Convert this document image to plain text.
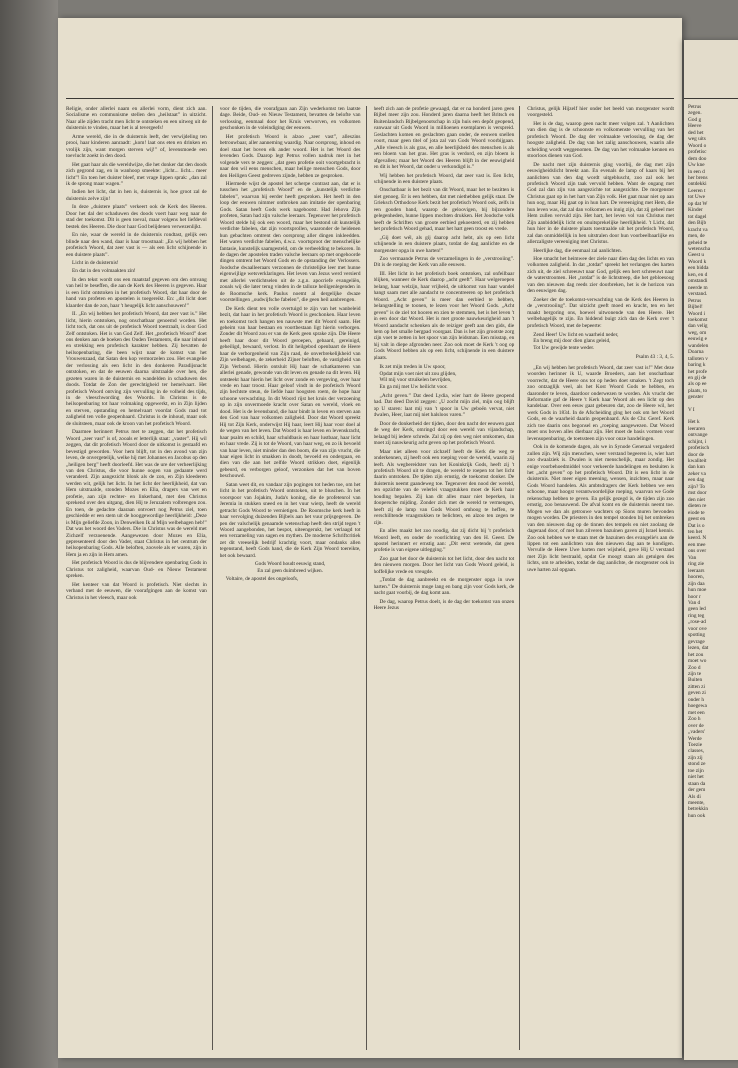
Religie, onder allerlei naam en allerlei vorm, dient zich aan. Socialisme en communisme stellen den „heilstaat” in uitzicht. Naar alle zijden tracht men licht te ontsteken en een uitweg uit de duisternis te vinden, maar het is al tevergeefs!

Arme wereld, die in de duisternis leeft, der verwijdeling ten prooi, haar kinderen aanraadt: „kom! laat ons eten en drinken en vrolijk zijn, want morgen sterven wij!” of, levensmoede een toevlucht zoekt in den dood.

Het gaat haar als die wereldwijze, die het donker dat den doods zich gegrond zag, en in wanhoop smeekte: „licht... licht... meer licht”! En toen het duister bleef, met vrage lippen sprak: „dan zal ik de sprong maar wagen.”

Indien het licht, dat in hen is, duisternis is, hoe groot zal de duisternis zelve zijn!

In deze „duistere plaats” verkeert ook de Kerk des Heeren. Door het dal der schaduwen des doods voert haar weg naar de stad der toekomst. Dit is geen toeval, maar volgens het liefdevol bestek des Heeren. Die door haar God belijdenen verwezenlijkt.

En nie, waar de wereld in de duisternis rondtast, gelijk een blinde naar den wand, daar is haar troostnaal: „En wij hebben het profetisch Woord, dat zeer vast is — als een licht schijnende in een duistere plaats”.

Licht in de duisternis!

En dat in den volmaakten zin!

In den tekst wordt ons een maatstaf gegeven om den omvang van heil te beseffen, die aan de Kerk des Heeren is gegeven. Haar is een licht ontstoken in het profetisch Woord, dat haar door de hand van profeten en apostelen is toegereikt. En: „dit licht doet klaarder dan de zon, haar 't heugelijk licht aanschouwen!”

II. „En wij hebben het profetisch Woord, dat zeer vast is.” Het licht, hierin ontstoken, nog onschatbaar genoemd worden. Het licht toch, dat ons uit de profetisch Woord toestraalt, is door God Zelf ontstoken. Het is van God Zelf. Het „profetisch Woord” doet ons denken aan de boeken des Ouden Testaments, die naar inhoud en strekking een profetisch karakter hebben. Zij bevatten de heilsopenbaring, die been wijst naar de komst van het Vrouwenzaad, dat Satan den kop vermorzelen zou. Het evangelie der verlossing als een licht in den donkeren Paradijsnacht ontstoken, en dat de eeuwen daarna uitstraalde over hen, die gezeten waren in de duisternis en wandelden in schaduwen des doods. Totdat de Zon der gerechtigheid ter hemelvaart. Het profetisch Woord ontving zijn vervulling in de volheid des tijds, in de vleeschwording des Woords. In Christus is de heilsopenbaring tot haar volmaking opgewerkt, en in Zijn lijden en sterven, opstanding en hemelvaart voordat Gods raad tot zaligheid ten volle geopenbaard. Christus is de inhoud, maar ook de sluitsteen, maar ook de kroon van het profetisch Woord.

Daarmee herinnert Petrus met te zeggen, dat het profetisch Woord „zeer vast” is of, zooals er letterlijk staat: „vaster”. Hij wil zeggen, dat dit profetisch Woord door de uitkomst is gestaafd en bevestigd geworden. Voor hem blijft, tot in den avond van zijn leven, de onvergetelijk, welke hij met Johannes en Jacobus op den „heiligen berg” heeft doorleefd. Het was de ure der verheerlijking van den Christus, die voor hunne oogen van gedaante werd veranderd. Zijn aangezicht blonk als de zon, en Zijn kleederen werden wit, gelijk het licht. In het licht der heerlijkheid, dat van Hem uitstraalde, stonden Mozes en Elia, dragers van wet en profetie, aan zijn rechter- en linkerhand, met den Christus sprekend over den uitgang, dien Hij te Jeruzalem volbrengen zou. En toen, de gedachte daaraan ontvoert nog Petrus ziel, toen geschiedde er een stem uit de hooggewordige heerlijkheid: „Deze is Mijn geliefde Zoon, in Denwelken Ik al Mijn welbehagen heb!” Dat was het woord des Vaders. Die in Christus was de wereld met Zichzelf verzoenende. Aangewezen door Mozes en Elia, gepresenteerd door den Vader, staat Christus in het centrum der heilsopenbaring Gods. Alle beloften, zoovele als er waren, zijn in Hem ja en zijn in Hem amen.

Het profetisch Woord is dus de blijvendere openbaring Gods in Christus tot zaligheid, waarvan Oud- en Nieuw Testament spreken.

Het kenteer van dat Woord is profetisch. Niet slechts in verband met de eeuwen, die voorafgingen aan de komst van Christus in het vleesch, maar ook

voor de tijden, die voorafgaan aan Zijn wederkomst ten laatste dage. Beide, Oud- en Nieuw Testament, bevatten de belofte van verlossing, eenmaal door het Kruis verworven, en volkomen geschonken in de voleindiging der eeuwen.

Het profetisch Woord is alzoo „zeer vast”, alleszins betrouwbaar, aller aanneming waardig. Naar oorsprong, inhoud en doel staat het boven elk ander woord. Het is het Woord des levenden Gods. Daarop legt Petrus vollen nadruk met in het volgende vers te zeggen: „dat geen profetie ooit voortgebracht is naar den wil eens menschen, maar heilige menschen Gods, door den Heiligen Geest gedreven zijnde, hebben ze gesproken.

Hiermede wijst de apostel het scherpe contrast aan, dat er is tusschen het „profetisch Woord” en de „kunstelijk verdichte fabelen”, waarvan hij eerder heeft gesproken. Het heeft in den loop der eeuwen nimmer ontbroken aan imitatie der openbaring Gods. Satan heeft Gods werk nagebootst. Had Jehova Zijn profeten, Satan had zijn valsche leeraars. Tegenover het profetisch Woord stelde hij ook een woord, maar het bestond uit kunstelijk verdichte fabelen, dat zijn voortsprollen, waaronder de heidenen hun gebachten omtrent den oorsprong aller dingen inkleedden. Het waren verdichte fabelen, d.w.z. voortsproot der menschelijke fantasie, kunstelijk saamgesteld, om de verbeelding te bekoren. In de dagen der apostelen traden valsche leeraars op met ongehoorde dingen omtrent het Woord Gods en de opstanding der Verlossers. Joodsche dwaalleeraars verzonnen de christelijke leer met hunne eigenwijlige wetsverklaringen. Het leven van Jezus werd versierd met allerlei verdichtselen uit de z.g.n. apocriefe evangeliën, zooals wij die later terug vinden in de talloze heiligenlegenden in de Roomsche kerk. Paulus noemt al dergelijke dwaze voorstellingen „oudwijfsche fabelen”, die geen heil aanbrengen.

De Kerk dient ten volle overtuigd te zijn van het wanbeleid bezit, dat haar in het profetisch Woord is geschonken. Haar leven en toekomst toch hangen ten nauwste met dit Woord saam. Het geheim van haar bestaan en voortbestaan ligt hierin verborgen. Zonder dit Woord zou er van de Kerk geen sprake zijn. Die Heere heeft haar door dit Woord geroepen, gebaard, gereinigd, geheiligd, bewaard, verlost. In dit heilgebod openbaart de Heere haar de verborgenheid van Zijn raad, de onverbrekelijkheid van Zijn welbehagen, de zekerheid Zijner beloften, de vastigheid van Zijn Verbond. Hierin ontsluit Hij haar de schatkameren van allerlei genade, gewonde van dit leven en genade na dit leven. Hij ontsteekt haar hierin het licht over zonde en vergeving, over haar vrede en haar troost. Haar geloof vindt in de profetisch Woord zijn hechtste steun, de liefde haar hoogsten roem, de hope haar schoone verwachting. In dit Woord rijst het kruis der verzoening op in zijn onvermoede kracht over Satan en wereld, vloek en dood. Het is de levensband, die haar bindt in leven en sterven aan den God van haar volkomen zaligheid. Door dat Woord spreekt Hij tot Zijn Kerk, onderwijst Hij haar, leert Hij haar voor doel al de wegen van het leven. Dat Woord is haar leven en levenskracht, haar psalm en schild, haar schuldbasis en haar lustbaar, haar licht en haar vrede. Zij is tot de Woord, van haar weg, en zo ik bevoeld van haar leven, niet minder dan den boom, die van zijn vrucht, die haar eigen licht in smakken in doodt, bevoeld en ondergaan, en dien van die aan het zelfde Woord strikken doet, eigenlijk gebeurd, en verborgen geloof, verzonken dat het van boven beschouwd.

Satan weet dit, en vandaar zijn pogingen tot heden toe, om het licht in het profetisch Woord ontstoken, uit te bluschen. In het voorspoor van Jojakim, Juda's koning, die de profetenrol van Jeremia in stukken sneed en in het vuur wierp, heeft de wereld getracht Gods Woord te vernietigen. De Roomsche kerk heeft in haar vervolging duizenden Bijbels aan het vuur prijsgegeven. De pen der valschelijk genaamde wetenschap heeft den strijd tegen 't Woord aangebonden, het bespot, uiteengerukt, het verlaagd tot een verzameling van sagen en mythen. De moderne Schriftcritiek zet dit vreeselijk bedrijf krachtig voort, maar ondanks allen tegenstand, heeft Gods hand, die de Kerk Zijn Woord toereikte, het ook bewaard.

Gods Woord houdt eeuwig stand,
En zal geen duimbreed wijken.

Voltaire, de apostel des ongeloofs,

heeft zich aan de profetie gewaagd, dat er na honderd jaren geen Bijbel meer zijn zou. Honderd jaren daarna heeft het Britsch en Buitenlandsch Bijbelgenootschap in zijn huis een depôt geopend, vanwaar uit Gods Woord in millioenen exemplaren is verspreid. Geslachten komen en geslachten gaan onder, de eeuwen snellen voort, maar geen titel of jota zal van Gods Woord voorbijgaan. „Alle vleesch is als gras, en alle heerlijkheid des menschen is als een bloem van het gras. Het gras is verdord, en zijn bloem is afgevallen; maar het Woord des Heeren blijft in der eeuwigheid en dit is het Woord, dat onder u verkondigd is.”

Wij hebben het profetisch Woord, dat zeer vast is. Een licht, schijnende in een duistere plaats.

Onschatbaar is het bezit van dit Woord, maar het te bezitten is niet genoeg. Er is een hebben, dat met niethebben gelijk staat. De Grieksch Orthodoxe Kerk bezit het profetisch Woord ook, zelfs in een gouden band, waarop de geloovigen, bij bijzondere gelegenheden, hunne lippen mochten drukken. Het Joodsche volk heeft de Schriften van groote eerbied gekoesterd, en zij hebben het profetisch Woord gehad, maar het hart geen troost en vrede.

„Gij doet wél, als gij daarop acht hebt, als op een licht schijnende in een duistere plaats, totdat de dag aanlichte en de morgenster opga in uwe harten!”

Zoo vermaande Petrus de verzamelingen in de „verstrooiing”. Dit is de roeping der Kerk van alle eeuwen.

III. Het licht in het profetisch boek ontstoken, zal onfeilbaar blijken, wanneer de Kerk daarop „acht geeft”. Haar welgeroepen belang, haar welzijn, haar vrijheid, de uitkomst van haar wandel hangt saam met alle aandacht te concentreeren op het profetisch Woord. „Acht geven” is meer dan eerbied te hebben, belangstelling te toonen, te lezen voor het Woord Gods. „Acht geven” is de ziel tot hooren en zien te stemmen, het is het leven 't in een door dat Woord. Het is met groote nauwkeurigheid aan 't Woord aandacht schenken als de reiziger geeft aan den gids, die hem op het smalle bergpad voorgaat. Dan is het zijn grootste zorg zijn voet te zetten in het spoor van zijn leidsman. Een misstap, en hij valt in diepe afgronden neer. Zoo ook moet de Kerk 't oog op Gods Woord hebben als op een licht, schijnende in een duistere plaats.

Ik zet mijn treden in Uw spoor,
Opdat mijn voet niet uit zou glijden,
Wil mij voor struikelen bevrijden,
En ga mij met Uw heilicht voor.

„Acht geven.” Dat deed Lydia, wier hart de Heere geopend had. Dat deed David zeggen: „U zocht mijn ziel, mijn oog blijft op U staren: laat mij van 't spoor in Uw geboën vervat, niet dwalen, Heer, laat mij niet halsloos varen.”

Door de donkerheid der tijden, door den nacht der eeuwen gaat de weg der Kerk, omringd door een wereld van vijandschap, belaagd bij iedere schrede. Zal zij op den weg niet omkomen, dan moet zij nauwkeurig acht geven op het profetisch Woord.

Maar niet alleen voor zichzelf heeft de Kerk die weg te onderkennen, zij heeft ook een roeping voor de wereld, waarin zij leeft. Als wegbereidster van het Koninkrijk Gods, heeft zij 't profetisch Woord uit te dragen, de wereld te roepen tot het licht daarin ontstoken. De tijden zijn ernstig, de toekomst donker. De duisternis neemt gaandeweg toe. Tegenover den nood der wereld, ten opzichte van de velerlei vraagstukken moet de Kerk haar houding bepalen. Zij kan dit alles maar niet beperken, in doopersche mijding. Zonder zich met de wereld te vermengen, heeft zij de lamp van Gods Woord omhoog te heffen, te verschilltende vraagstukken te belichten, en alzoo ten zegen te zijn.

En alles maakt het zoo noodig, dat zij dicht bij 't profetisch Woord leeft, en onder de voorlichting van den H. Geest. De apostel herinnert er ernstig aan: „Dit eerst wetende, dat geen profetie is van eigene uitlegging.”

Zoo gaat het door de duisternis tot het licht, door den nacht tot den nieuwen morgen. Door het licht van Gods Woord geleid, is hoffelijke vrede en vreugde.

„Totdat de dag aanbreekt en de morgenster opga in uwe harten.” De duisternis moge lang en bang zijn voor Gods kerk, de nacht gaat voorbij, de dag komt aan.

De dag, waarop Petrus doelt, is de dag der toekomst van onzen Heere Jezus

Christus, gelijk Hijzelf hier onder het beeld van morgenster wordt voorgesteld.

Het is de dag, waarop geen nacht meer volgen zal. 't Aanlichten van dien dag is de schoonste en volkomenste vervulling van het profetisch Woord. De dag der volmaakte verlossing, de dag der hoogste zaligheid. De dag van het zalig aanschouwen, waarin alle scheiding wordt weggenomen. De dag van het volmaakte kennen en stoorloos dienen van God.

De nacht met zijn duisternis ging voorbij, de dag met zijn eeuwigheidslicht breekt aan. En evenals de lamp of kaars bij het aanlichten van den dag wordt uitgebluscht, zoo zal ook het profetisch Woord zijn taak vervuld hebben. Want de ongang met God zal dan zijn van aangezichte tot aangezichte. De morgenster Christus gaat op in het hart van Zijn volk. Het gaat maar niet op aan hun oog, maar Hij gaat op in hun hart. De vereeniging met Hem, die hun leven was, dat zal dan volkomen en innig zijn, dat zij geheel met Hem zullen vervuld zijn. Het hart, het leven vol van Christus met Zijn aanbiddelijk licht en onuitsprekelijke heerlijkheid. 't Licht, dat hun hier in de duistere plaats toestraalde uit het profetisch Woord, zal dan onmiddellijk in hen uitstralen door hun voorbeelbaarlijke en allerzaligste vereeniging met Christus.

Heerlijke dag, die eenmaal zal aanlichten.

Hoe smacht het heimwee der ziele naar dien dag des lichts en van volkomen zaligheid. In dat „totdat” spreekt het verlangen des harten zich uit, de ziel schreeuwt naar God, gelijk een hert schreeuwt naar de waterstroomen. Het „totdat” is de lichtstreep, die het gebloesoog van den nieuwen dag reeds zier doorbreken, het is de horizon van den eeuwigen dag.

Zoeker der de toekomst-verwachting van de Kerk des Heeren in de „verstrooiing”. Dat uitzicht geeft moed en kracht, ten en het maakt bergoring ons, hoewel uitwonende van den Heere. Het welbehagelijk te zijn. En hiddend buigt zich dan de Kerk over 't profetisch Woord, met de bepeerte:

Zend Heer! Uw licht en waarheid neder,
En breng mij door dien glans geleid,
Tot Uw gewijde tente weder.
Psalm 43 : 3, 4, 5.

„En wij hebben het profetisch Woord, dat zeer vast is!” Met deze woorden herinner ik U, waarde Broeders, aan het onschatbaar voorrecht, dat de Heere ons tot op heden doet smaken. 't Zegt toch zoo ontzaglijk veel, als het Kost Woord Gods te hebben, en daaronder te leven, daardoor onderwezen te worden. Als vrucht der Reformatie gaf de Heere 't Kerk haar Woord als een licht op den kandelaar. Over een eeuw gaat gebeuren dat, zoo de Heere wil, het werk Gods in 1834. In de Afscheiding ging het ook om het Woord Gods, en de waarheid daarin geopenbaard. Als de Chr. Geref. Kerk zich toe daarin ons begonsel en „roeping aangewezen. Dat Woord moet ons boven alles dierbaar zijn. Het moet de basis vormen voor levensopenbaring, de toetssteen zijn voor onze handelingen.

Ook in de komende dagen, als we in Synode Generaal vergaderd zullen zijn. Wij zijn menschen, weer verstand begeeren is, wier hart zoo dwaalziek is. Dwalen is niet menschelijk, maar zondig. Het enige voorbehoedmiddel voor verkeerde handelingen en besluiten is het „acht geven” op het profetisch Woord. Dit is een licht in de duisternis. Niet meer eigen meening, wensen, inzichten, maar naar Gods Woord handelen. Als ambtsdragers der Kerk hebben we een schoone, maar hoogst verantwoordelijke roeping, waarvan we Gode rekenschap hebben te geven. En gelijk gezegd is, de tijden zijn zoo ernstig, zoo benauwend. De afval komt en de duisternis neemt toe. Mogen we dan als getrouwe wachters op Sions muren bevonden mogen worden. De priesters in den tempel stonden bij het ombreken van den nieuwen dag op de tinnen des tempels en niet zoolang de dageraad door, of met hun zilveren bazuinen gaven zij Israel kennis. Zoo ook hebben we te staan met de bazuinen des evangelie's aan de lippen tot een aanlichten van den nieuwen dag aan te kondigen. Vervulle de Heere Uwe harten met wijsheid, geve Hij U verstand met Zijn licht bestraald, opdat Ge moogt staan als getuigen des lichts, om te arbeiden, totdat de dag aanlichte, de morgenster ook in uwe harten zal opgaan.

Petrus
zegen.
God g
Heeve
ded het
weg uits
Woord o
profetisc
dem doo
Uw kne
in een d
her brens
ontdekki
Leeren t
tot Uwe
op dat W
Kinder
tot dagel
den Bijb
kracht va
men, de
geheid te
wetenscha
Geest u
Woord k
een bidda
ken, en d
omstandi
neerde m
verstand.
Petrus
Bijbel!
Woord i
toekomst
dan velig
weg, om
eeuwig e
wandelen
Doarna
talloten v
baring k
het profe
en gij de
als op ee
plaats, to
genster
VI
Het k
leeraren
ontvange
schijnt, i
profetisch
door de
kwaliteit
dan kun
zeker va
een dag
zijn? To
mst door
den niet
dieten re
eiode te
geest en
Dat is o
ten het
keerd. N
een mee
ons over
Van
ring zie
leeraars
hooren,
zijn daa
hun moe
hoor r
Van d
geen led
ring teg
„rose-ad
voor ove
spotting
gevrage
lezen, dat
het zou
moet wo
Zoo d
zijn te
Buiten
zitten zi
geven zi
onder h
hoegewa
met een
Zoo h
over de
„vaders'
Werde
Toezie
classes,
zijn zij
stond ze
toe zijn
niet het
staan da
der gem
Als di
meente,
betrekkin
hun ook
